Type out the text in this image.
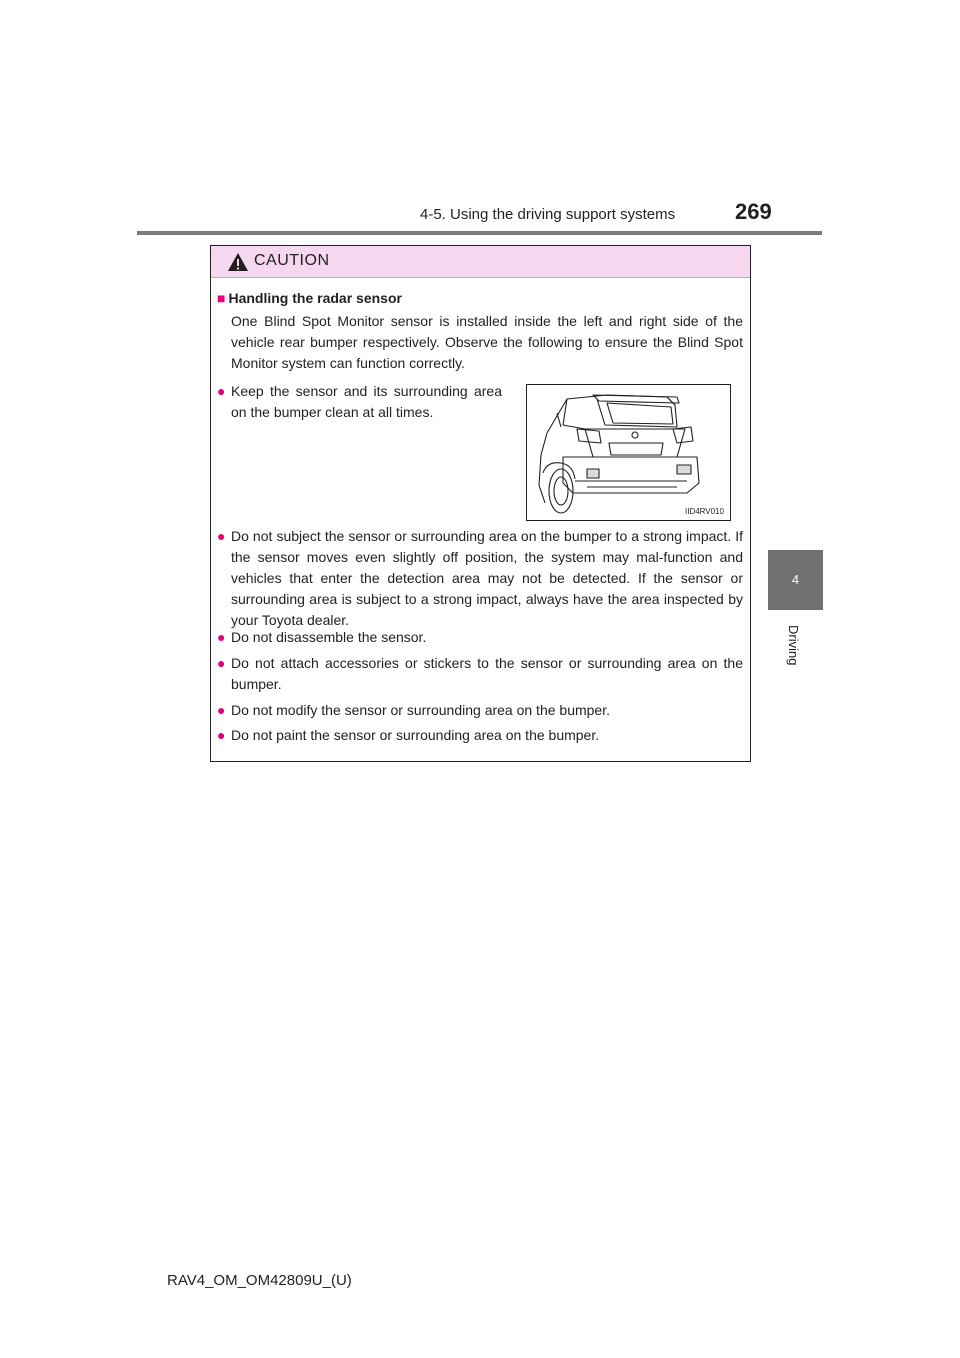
4-5. Using the driving support systems	269
4
Driving
CAUTION
■ Handling the radar sensor
One Blind Spot Monitor sensor is installed inside the left and right side of the vehicle rear bumper respectively. Observe the following to ensure the Blind Spot Monitor system can function correctly.
● Keep the sensor and its surrounding area on the bumper clean at all times.
IID4RV010
● Do not subject the sensor or surrounding area on the bumper to a strong impact. If the sensor moves even slightly off position, the system may mal-function and vehicles that enter the detection area may not be detected. If the sensor or surrounding area is subject to a strong impact, always have the area inspected by your Toyota dealer.
● Do not disassemble the sensor.
● Do not attach accessories or stickers to the sensor or surrounding area on the bumper.
● Do not modify the sensor or surrounding area on the bumper.
● Do not paint the sensor or surrounding area on the bumper.
RAV4_OM_OM42809U_(U)
